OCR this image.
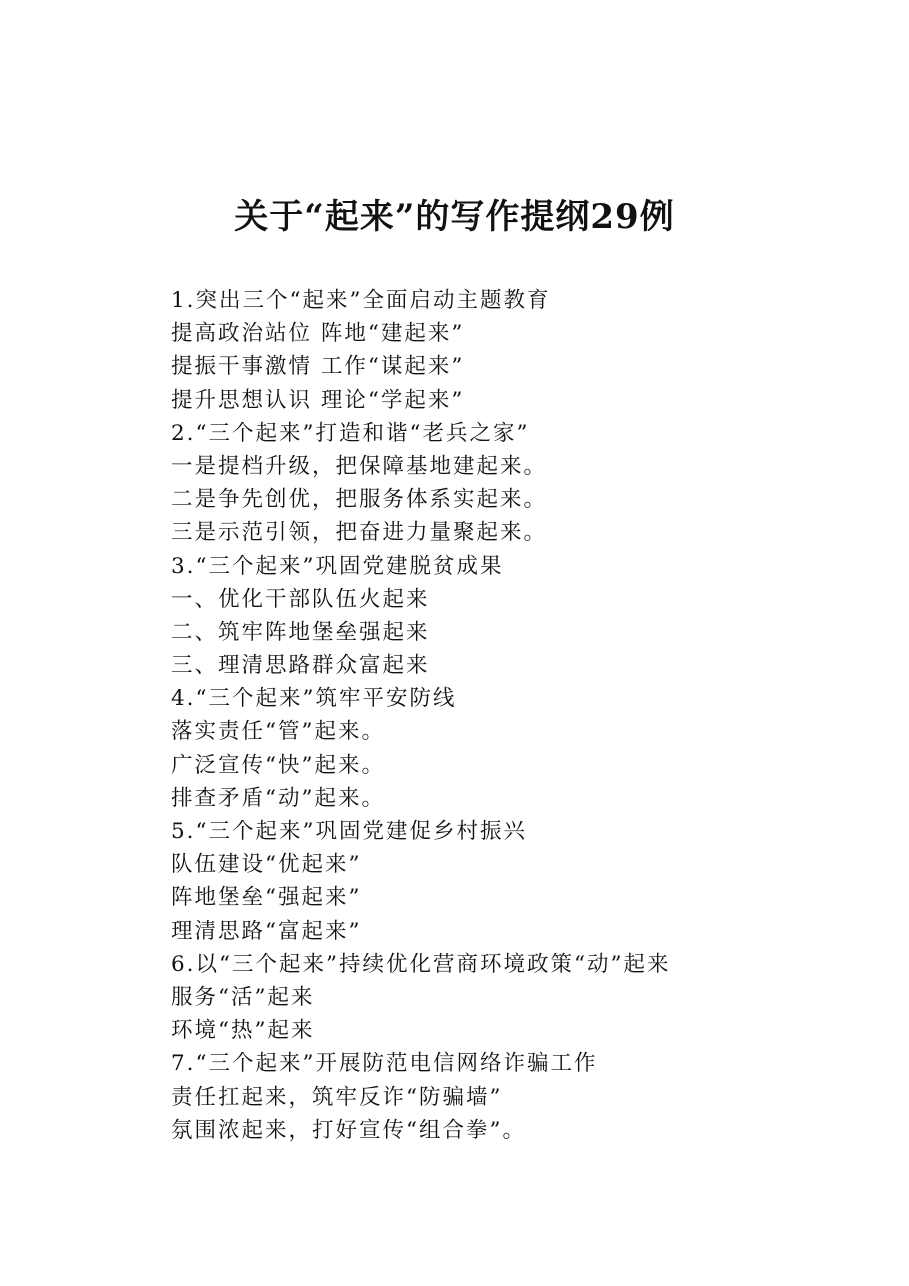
关于“起来”的写作提纲29例
1.突出三个“起来”全面启动主题教育
提高政治站位 阵地“建起来”
提振干事激情 工作“谋起来”
提升思想认识 理论“学起来”
2.“三个起来”打造和谐“老兵之家”
一是提档升级，把保障基地建起来。
二是争先创优，把服务体系实起来。
三是示范引领，把奋进力量聚起来。
3.“三个起来”巩固党建脱贫成果
一、优化干部队伍火起来
二、筑牢阵地堡垒强起来
三、理清思路群众富起来
4.“三个起来”筑牢平安防线
落实责任“管”起来。
广泛宣传“快”起来。
排查矛盾“动”起来。
5.“三个起来”巩固党建促乡村振兴
队伍建设“优起来”
阵地堡垒“强起来”
理清思路“富起来”
6.以“三个起来”持续优化营商环境政策“动”起来
服务“活”起来
环境“热”起来
7.“三个起来”开展防范电信网络诈骗工作
责任扛起来，筑牢反诈“防骗墙”
氛围浓起来，打好宣传“组合拳”。
